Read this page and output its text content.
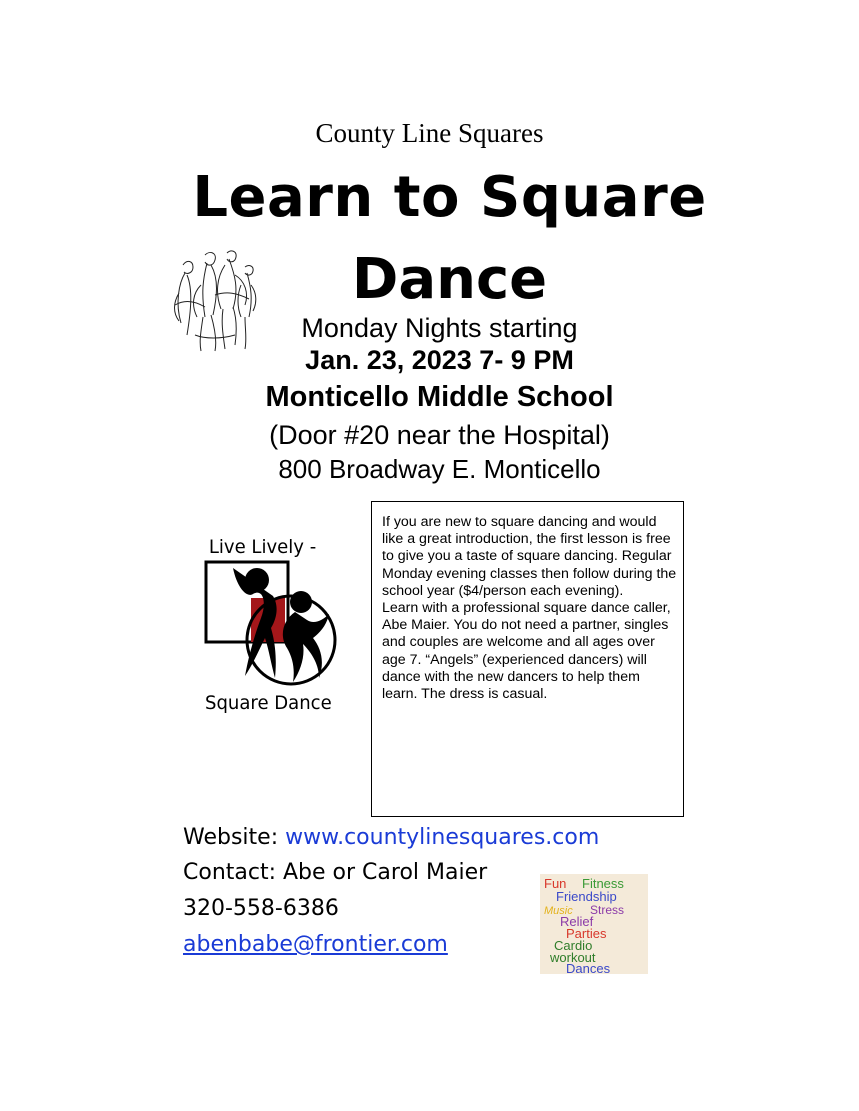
County Line Squares
Learn to Square
Dance
Monday Nights starting
Jan. 23, 2023 7- 9 PM
Monticello Middle School
(Door #20 near the Hospital)
800 Broadway E. Monticello
Live Lively -
Square Dance

If you are new to square dancing and would like a great introduction, the first lesson is free to give you a taste of square dancing. Regular Monday evening classes then follow during the school year ($4/person each evening).

Learn with a professional square dance caller, Abe Maier. You do not need a partner, singles and couples are welcome and all ages over age 7. “Angels” (experienced dancers) will dance with the new dancers to help them learn. The dress is casual.

Website: www.countylinesquares.com
Contact: Abe or Carol Maier
320-558-6386
abenbabe@frontier.com
Fun Fitness
Friendship
Music Stress
Relief
Parties
Cardio
workout
Dances
